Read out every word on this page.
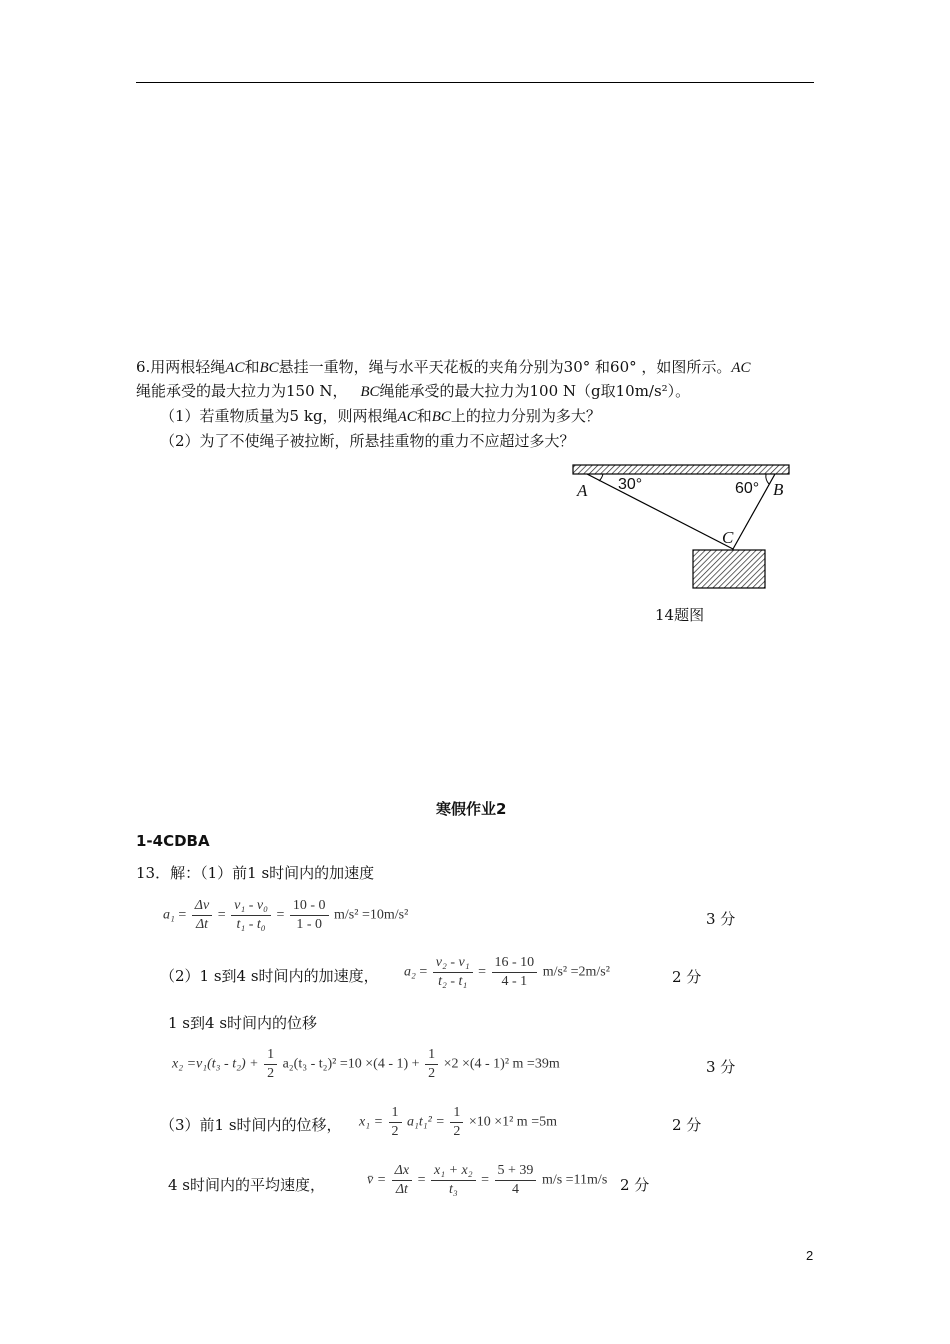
6.用两根轻绳AC和BC悬挂一重物，绳与水平天花板的夹角分别为30° 和60° ，如图所示。AC
绳能承受的最大拉力为150 N， BC绳能承受的最大拉力为100 N（g取10m/s²）。
（1）若重物质量为5 kg，则两根绳AC和BC上的拉力分别为多大？
（2）为了不使绳子被拉断，所悬挂重物的重力不应超过多大？
A 30°	60° B
C
14题图
寒假作业2
1-4CDBA
13．解：（1）前1 s时间内的加速度
$a_1 = \frac{\Delta v}{\Delta t} = \frac{\text{v₁ - v₀}}{\text{t₁ - t₀}} = \frac{10 - 0}{1 - 0} m/s^2 =10m/s^2$	3 分
（2）1 s到4 s时间内的加速度， $a_2 = \frac{\text{v₂ - v₁}}{\text{t₂ - t₁}} = \frac{16 - 10}{4 - 1} m/s^2 =2m/s^2$	2 分
1 s到4 s时间内的位移
$x_2 =v_1(t_3 - t_2) + \frac{1}{2} a_2(t_3 - t_2)^2 =10 \times(4 - 1) + \frac{1}{2} \times 2 \times(4 - 1)^2$ m =39m	3 分
（3）前1 s时间内的位移， $x_1 = \frac{1}{2} a_1t_1^2 = \frac{1}{2} \times 10 \times 1^2$ m =5m	2 分
4 s时间内的平均速度，	v̄ = $\frac{\Delta x}{\Delta t} = \frac{\text{x₁ + x₂}}{\text{t₃}} = \frac{5 + 39}{4} m/s =11m/s$ 2 分
2
